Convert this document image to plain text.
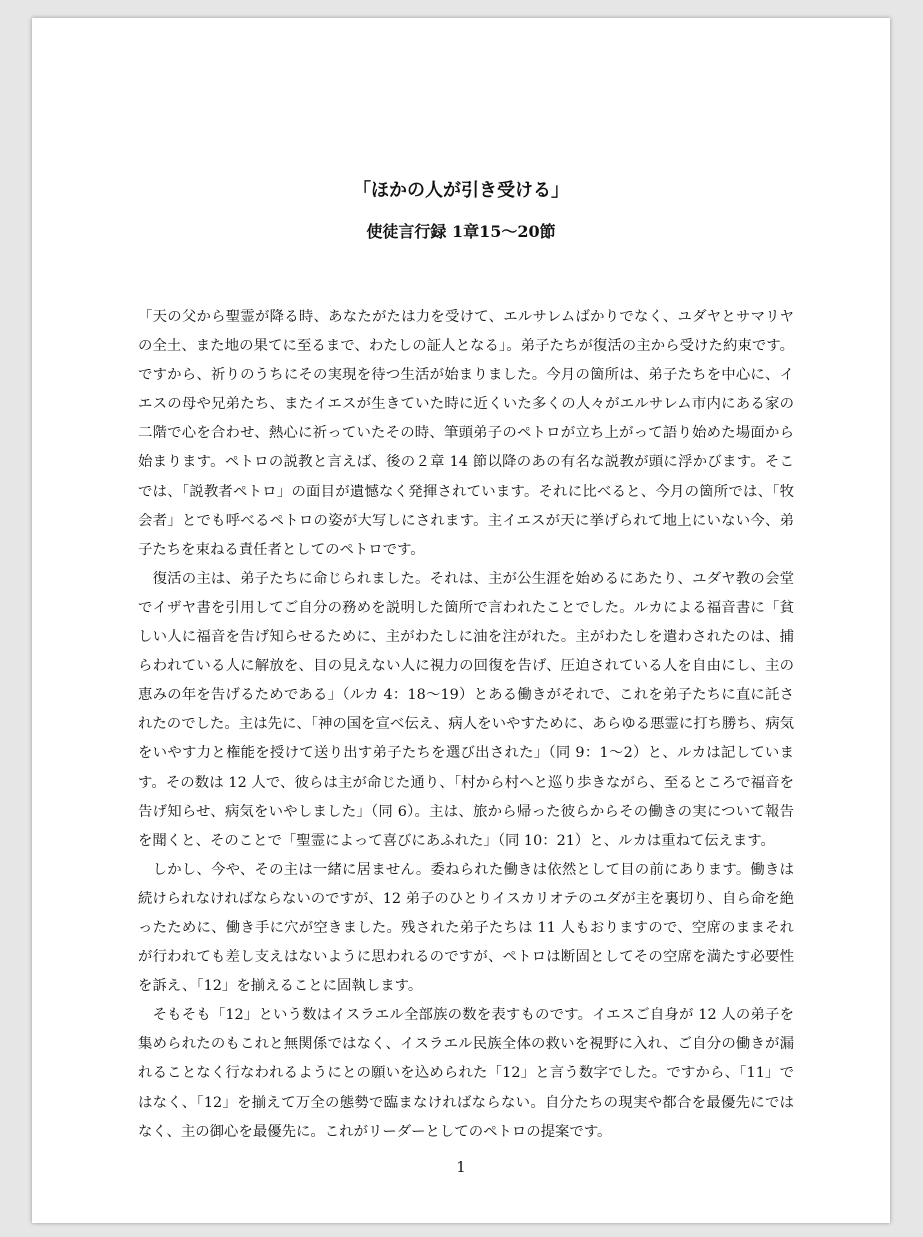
「ほかの人が引き受ける」
使徒言行録 1章15〜20節

「天の父から聖霊が降る時、あなたがたは力を受けて、エルサレムばかりでなく、ユダヤとサマリヤの全土、また地の果てに至るまで、わたしの証人となる」。弟子たちが復活の主から受けた約束です。ですから、祈りのうちにその実現を待つ生活が始まりました。今月の箇所は、弟子たちを中心に、イエスの母や兄弟たち、またイエスが生きていた時に近くいた多くの人々がエルサレム市内にある家の二階で心を合わせ、熱心に祈っていたその時、筆頭弟子のペトロが立ち上がって語り始めた場面から始まります。ペトロの説教と言えば、後の２章 14 節以降のあの有名な説教が頭に浮かびます。そこでは、「説教者ペトロ」の面目が遺憾なく発揮されています。それに比べると、今月の箇所では、「牧会者」とでも呼べるペトロの姿が大写しにされます。主イエスが天に挙げられて地上にいない今、弟子たちを束ねる責任者としてのペトロです。

　復活の主は、弟子たちに命じられました。それは、主が公生涯を始めるにあたり、ユダヤ教の会堂でイザヤ書を引用してご自分の務めを説明した箇所で言われたことでした。ルカによる福音書に「貧しい人に福音を告げ知らせるために、主がわたしに油を注がれた。主がわたしを遣わされたのは、捕らわれている人に解放を、目の見えない人に視力の回復を告げ、圧迫されている人を自由にし、主の恵みの年を告げるためである」（ルカ 4：18〜19）とある働きがそれで、これを弟子たちに直に託されたのでした。主は先に、「神の国を宣べ伝え、病人をいやすために、あらゆる悪霊に打ち勝ち、病気をいやす力と権能を授けて送り出す弟子たちを選び出された」（同 9：1〜2）と、ルカは記しています。その数は 12 人で、彼らは主が命じた通り、「村から村へと巡り歩きながら、至るところで福音を告げ知らせ、病気をいやしました」（同 6）。主は、旅から帰った彼らからその働きの実について報告を聞くと、そのことで「聖霊によって喜びにあふれた」（同 10：21）と、ルカは重ねて伝えます。

　しかし、今や、その主は一緒に居ません。委ねられた働きは依然として目の前にあります。働きは続けられなければならないのですが、12 弟子のひとりイスカリオテのユダが主を裏切り、自ら命を絶ったために、働き手に穴が空きました。残された弟子たちは 11 人もおりますので、空席のままそれが行われても差し支えはないように思われるのですが、ペトロは断固としてその空席を満たす必要性を訴え、「12」を揃えることに固執します。

　そもそも「12」という数はイスラエル全部族の数を表すものです。イエスご自身が 12 人の弟子を集められたのもこれと無関係ではなく、イスラエル民族全体の救いを視野に入れ、ご自分の働きが漏れることなく行なわれるようにとの願いを込められた「12」と言う数字でした。ですから、「11」ではなく、「12」を揃えて万全の態勢で臨まなければならない。自分たちの現実や都合を最優先にではなく、主の御心を最優先に。これがリーダーとしてのペトロの提案です。

1
